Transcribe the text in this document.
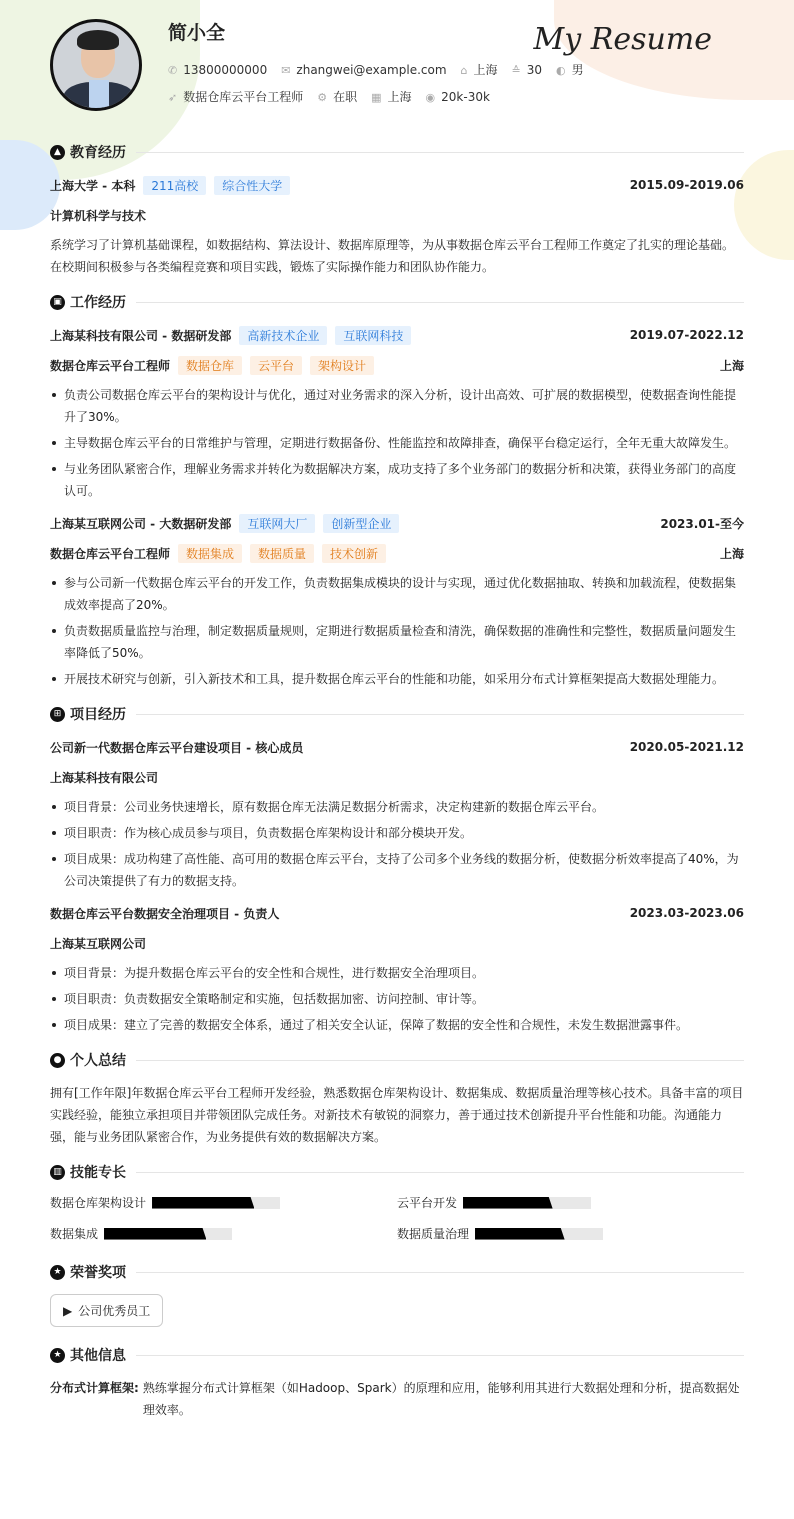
简小全	My Resume
✆ 13800000000 ✉ zhangwei@example.com ⌂ 上海 ≙ 30 ◐ 男
➶ 数据仓库云平台工程师 ⚙ 在职 ▦ 上海 ◉ 20k-30k
▲ 教育经历
上海大学 - 本科	211高校	综合性大学	2015.09-2019.06
计算机科学与技术

系统学习了计算机基础课程，如数据结构、算法设计、数据库原理等，为从事数据仓库云平台工程师工作奠定了扎实的理论基础。在校期间积极参与各类编程竞赛和项目实践，锻炼了实际操作能力和团队协作能力。

▣ 工作经历
上海某科技有限公司 - 数据研发部	高新技术企业	互联网科技	2019.07-2022.12
数据仓库云平台工程师	数据仓库	云平台	架构设计	上海
负责公司数据仓库云平台的架构设计与优化，通过对业务需求的深入分析，设计出高效、可扩展的数据模型，使数据查询性能提升了30%。
主导数据仓库云平台的日常维护与管理，定期进行数据备份、性能监控和故障排查，确保平台稳定运行，全年无重大故障发生。
与业务团队紧密合作，理解业务需求并转化为数据解决方案，成功支持了多个业务部门的数据分析和决策，获得业务部门的高度认可。
上海某互联网公司 - 大数据研发部	互联网大厂	创新型企业	2023.01-至今
数据仓库云平台工程师	数据集成	数据质量	技术创新	上海
参与公司新一代数据仓库云平台的开发工作，负责数据集成模块的设计与实现，通过优化数据抽取、转换和加载流程，使数据集成效率提高了20%。
负责数据质量监控与治理，制定数据质量规则，定期进行数据质量检查和清洗，确保数据的准确性和完整性，数据质量问题发生率降低了50%。
开展技术研究与创新，引入新技术和工具，提升数据仓库云平台的性能和功能，如采用分布式计算框架提高大数据处理能力。
⊞ 项目经历
公司新一代数据仓库云平台建设项目 - 核心成员	2020.05-2021.12
上海某科技有限公司
项目背景：公司业务快速增长，原有数据仓库无法满足数据分析需求，决定构建新的数据仓库云平台。
项目职责：作为核心成员参与项目，负责数据仓库架构设计和部分模块开发。
项目成果：成功构建了高性能、高可用的数据仓库云平台，支持了公司多个业务线的数据分析，使数据分析效率提高了40%，为公司决策提供了有力的数据支持。
数据仓库云平台数据安全治理项目 - 负责人	2023.03-2023.06
上海某互联网公司
项目背景：为提升数据仓库云平台的安全性和合规性，进行数据安全治理项目。
项目职责：负责数据安全策略制定和实施，包括数据加密、访问控制、审计等。
项目成果：建立了完善的数据安全体系，通过了相关安全认证，保障了数据的安全性和合规性，未发生数据泄露事件。
● 个人总结

拥有[工作年限]年数据仓库云平台工程师开发经验，熟悉数据仓库架构设计、数据集成、数据质量治理等核心技术。具备丰富的项目实践经验，能独立承担项目并带领团队完成任务。对新技术有敏锐的洞察力，善于通过技术创新提升平台性能和功能。沟通能力强，能与业务团队紧密合作，为业务提供有效的数据解决方案。

▥ 技能专长
数据仓库架构设计	云平台开发
数据集成	数据质量治理
★ 荣誉奖项
▶ 公司优秀员工
★ 其他信息
分布式计算框架: 熟练掌握分布式计算框架（如Hadoop、Spark）的原理和应用，能够利用其进行大数据处理和分析，提高数据处理效率。
